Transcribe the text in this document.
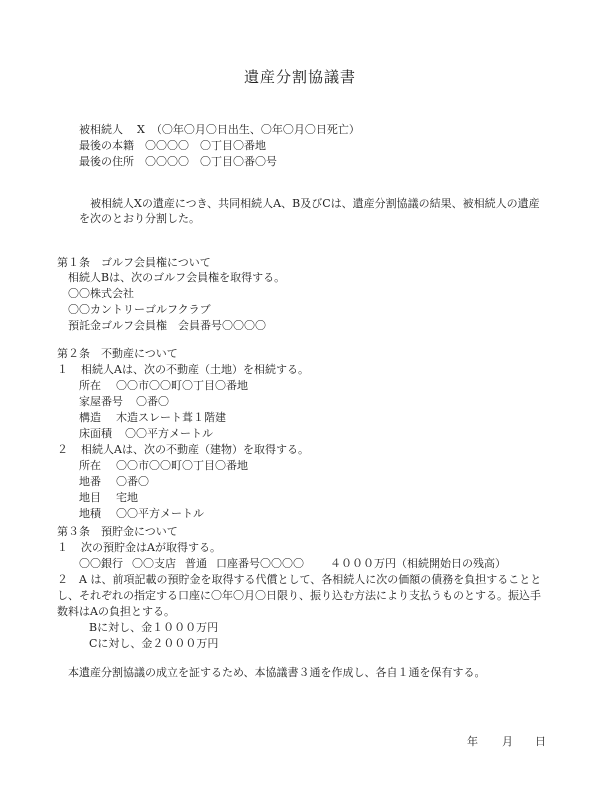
遺産分割協議書
被相続人 X （〇年〇月〇日出生、〇年〇月〇日死亡）
最後の本籍 〇〇〇〇 〇丁目〇番地
最後の住所 〇〇〇〇 〇丁目〇番〇号
被相続人Xの遺産につき、共同相続人A、B及びCは、遺産分割協議の結果、被相続人の遺産
を次のとおり分割した。
第１条　ゴルフ会員権について
相続人Bは、次のゴルフ会員権を取得する。
〇〇株式会社
〇〇カントリーゴルフクラブ
預託金ゴルフ会員権　会員番号〇〇〇〇
第２条　不動産について
１ 相続人Aは、次の不動産（土地）を相続する。
所在 〇〇市〇〇町〇丁目〇番地
家屋番号 〇番〇
構造 木造スレート葺１階建
床面積 〇〇平方メートル
２ 相続人Aは、次の不動産（建物）を取得する。
所在 〇〇市〇〇町〇丁目〇番地
地番 〇番〇
地目 宅地
地積 〇〇平方メートル
第３条　預貯金について
１ 次の預貯金はAが取得する。
〇〇銀行 〇〇支店 普通 口座番号〇〇〇〇 ４０００万円（相続開始日の残高）
２　A は、前項記載の預貯金を取得する代償として、各相続人に次の価額の債務を負担することと
し、それぞれの指定する口座に〇年〇月〇日限り、振り込む方法により支払うものとする。振込手
数料はAの負担とする。
Bに対し、金１０００万円
Cに対し、金２０００万円
本遺産分割協議の成立を証するため、本協議書３通を作成し、各自１通を保有する。
年 月 日
